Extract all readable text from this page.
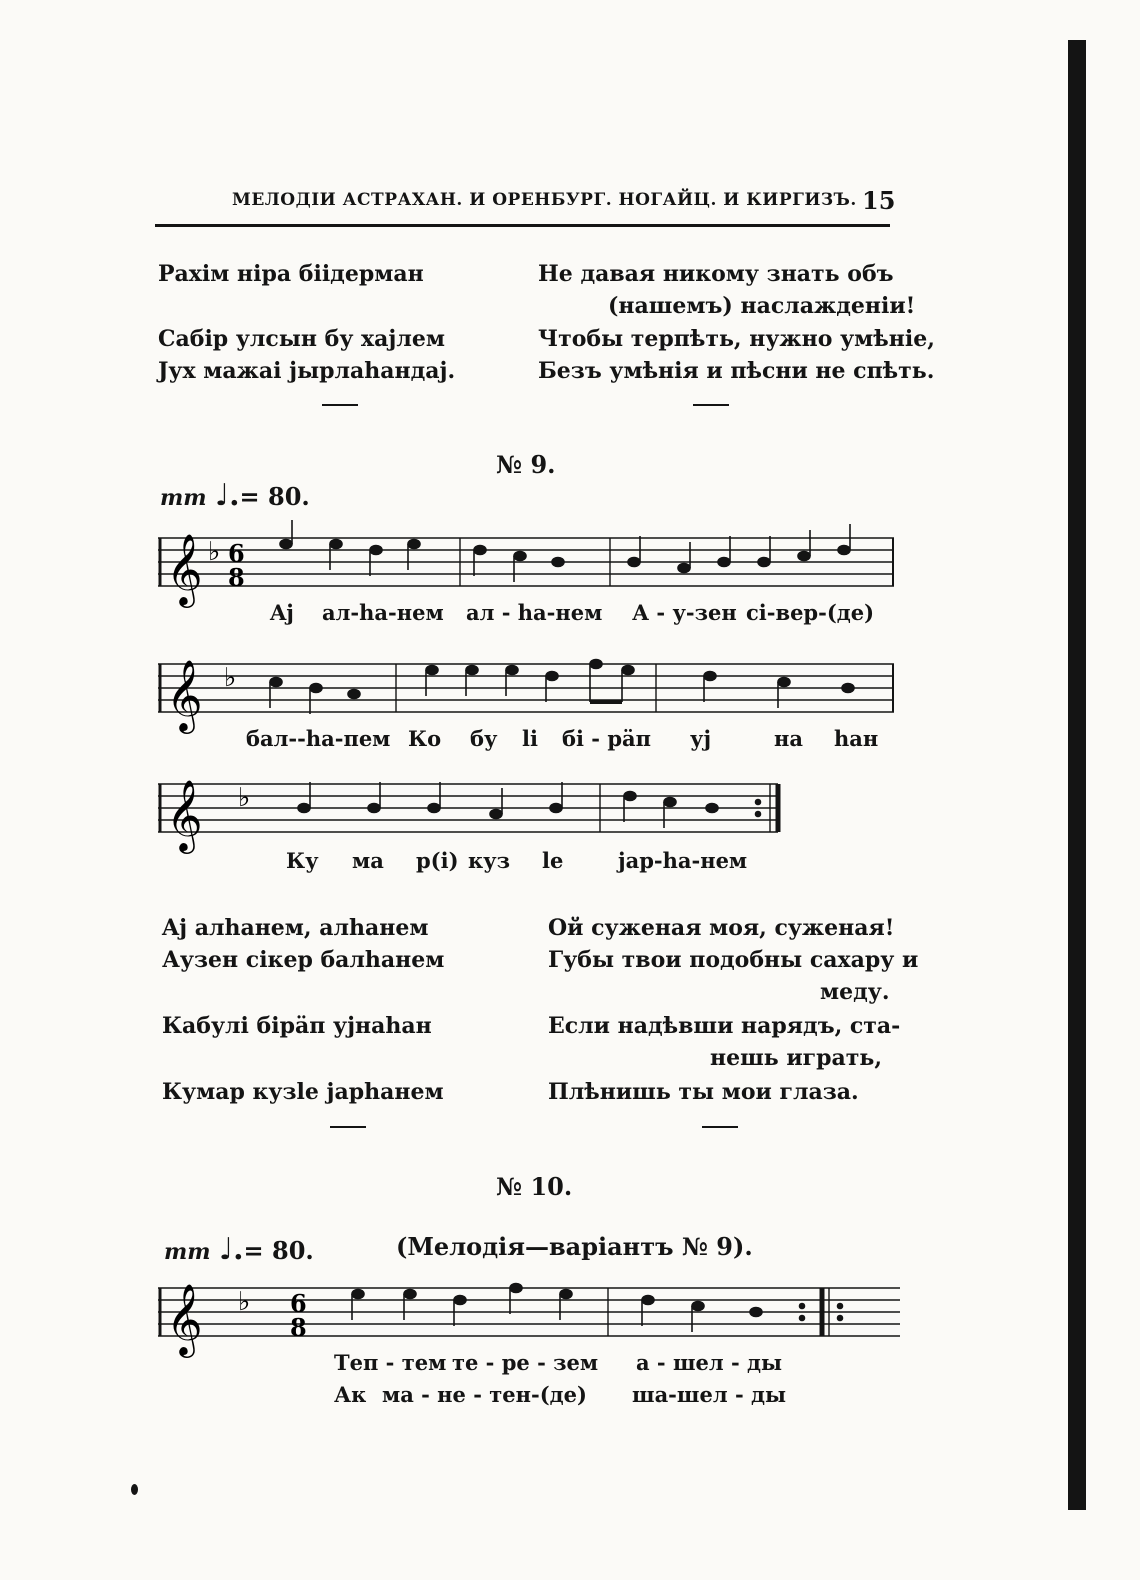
МЕЛОДІИ АСТРАХАН. И ОРЕНБУРГ. НОГАЙЦ. И КИРГИЗЪ. 15
Рахім ніра біідерман
Сабір улсын бу хајлем
Јух мажаі јырлаhандај.
Не давая никому знать объ
(нашемъ) наслажденіи!
Чтобы терпѣть, нужно умѣніе,
Безъ умѣнія и пѣсни не спѣть.
№ 9.
mm ♩.= 80.
𝄞 ♭ 6
8
Aj ал-hа-нем ал - hа-нем А - у-зен сі-вер-(де)
𝄞 ♭
бал--hа-пем Ко бу li бі - рäп уј	на hан
𝄞 ♭
Ку ма р(і) куз le	jap-hа-нем
Aj алhанем, алhанем
Аузен сікер балhанем
Кабулі бірäп ујнаhан
Кумар кузlе japhанем
Ой суженая моя, суженая!
Губы твои подобны сахару и
меду.
Если надѣвши нарядъ, ста-
нешь играть,
Плѣнишь ты мои глаза.
№ 10.
mm ♩.= 80.	(Мелодія—варіантъ № 9).
𝄞 ♭ 6
8
Теп - тем те - ре - зем а - шел - ды
Ак ма - не - тен-(де) ша-шел - ды
